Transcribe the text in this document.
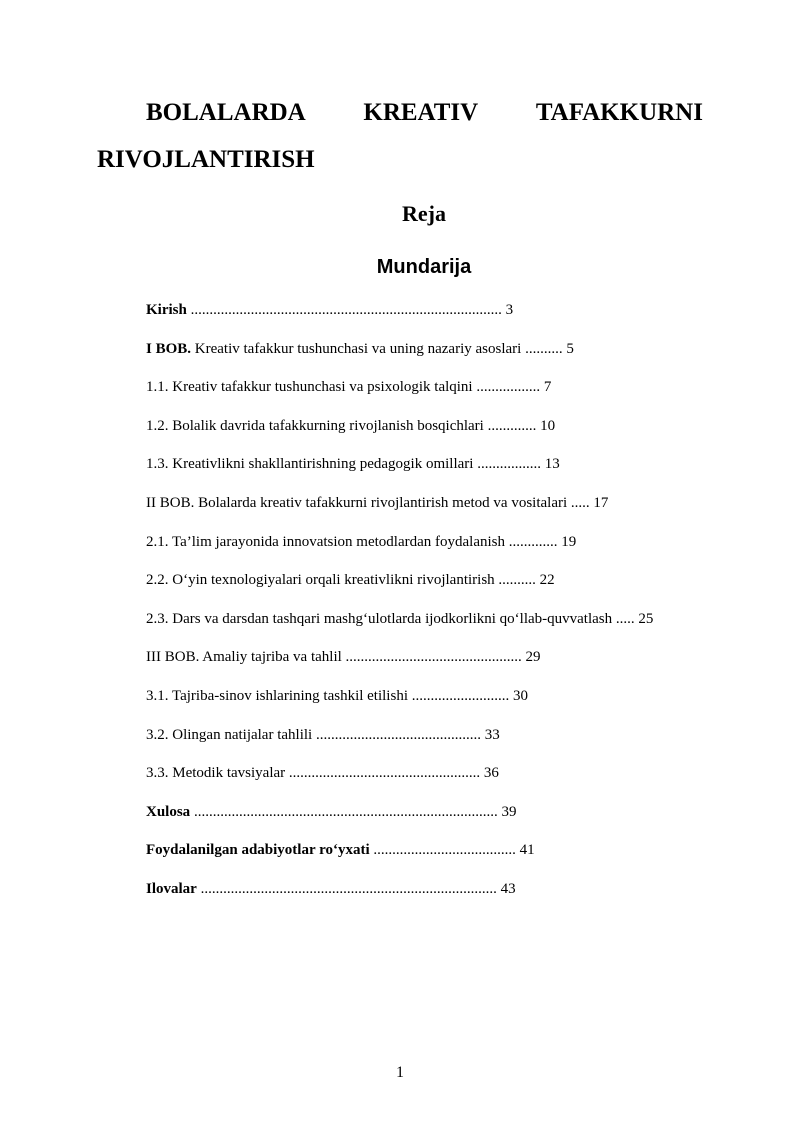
BOLALARDA KREATIV TAFAKKURNI
RIVOJLANTIRISH
Reja
Mundarija
Kirish ................................................................................... 3
I BOB. Kreativ tafakkur tushunchasi va uning nazariy asoslari .......... 5
1.1. Kreativ tafakkur tushunchasi va psixologik talqini ................. 7
1.2. Bolalik davrida tafakkurning rivojlanish bosqichlari ............. 10
1.3. Kreativlikni shakllantirishning pedagogik omillari ................. 13
II BOB. Bolalarda kreativ tafakkurni rivojlantirish metod va vositalari ..... 17
2.1. Ta’lim jarayonida innovatsion metodlardan foydalanish ............. 19
2.2. O‘yin texnologiyalari orqali kreativlikni rivojlantirish .......... 22
2.3. Dars va darsdan tashqari mashg‘ulotlarda ijodkorlikni qo‘llab-quvvatlash ..... 25
III BOB. Amaliy tajriba va tahlil ............................................... 29
3.1. Tajriba-sinov ishlarining tashkil etilishi .......................... 30
3.2. Olingan natijalar tahlili ............................................ 33
3.3. Metodik tavsiyalar ................................................... 36
Xulosa ................................................................................. 39
Foydalanilgan adabiyotlar ro‘yxati ...................................... 41
Ilovalar ............................................................................... 43
1
